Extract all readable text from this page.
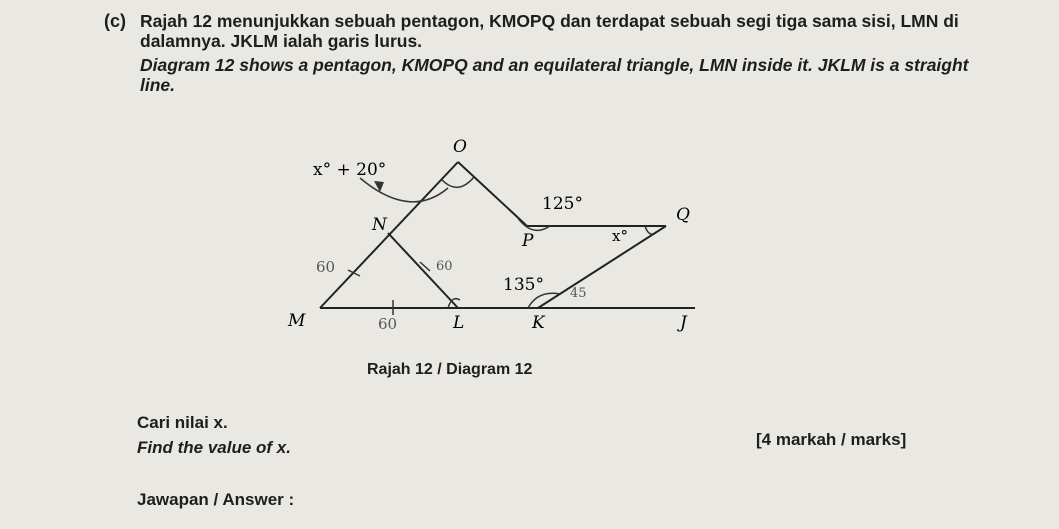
(c) Rajah 12 menunjukkan sebuah pentagon, KMOPQ dan terdapat sebuah segi tiga sama sisi, LMN di dalamnya. JKLM ialah garis lurus.
Diagram 12 shows a pentagon, KMOPQ and an equilateral triangle, LMN inside it. JKLM is a straight line.
O
N
P
Q
M	L	K	J
x° + 20°
125°
x°
135°
60	60
60
45
Rajah 12 / Diagram 12
Cari nilai x.
Find the value of x.	[4 markah / marks]
Jawapan / Answer :
